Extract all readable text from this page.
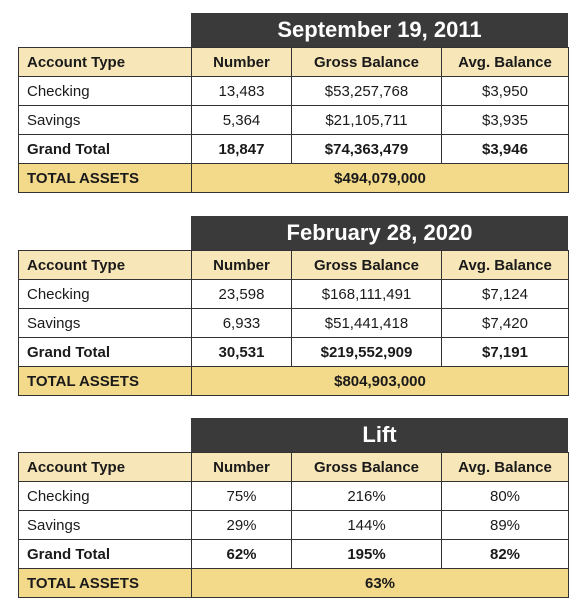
September 19, 2011
Account Type	Number	Gross Balance	Avg. Balance
Checking	13,483	$53,257,768	$3,950
Savings	5,364	$21,105,711	$3,935
Grand Total	18,847	$74,363,479	$3,946
TOTAL ASSETS	$494,079,000		
February 28, 2020
Account Type	Number	Gross Balance	Avg. Balance
Checking	23,598	$168,111,491	$7,124
Savings	6,933	$51,441,418	$7,420
Grand Total	30,531	$219,552,909	$7,191
TOTAL ASSETS	$804,903,000		
Lift
Account Type	Number	Gross Balance	Avg. Balance
Checking	75%	216%	80%
Savings	29%	144%	89%
Grand Total	62%	195%	82%
TOTAL ASSETS	63%		
